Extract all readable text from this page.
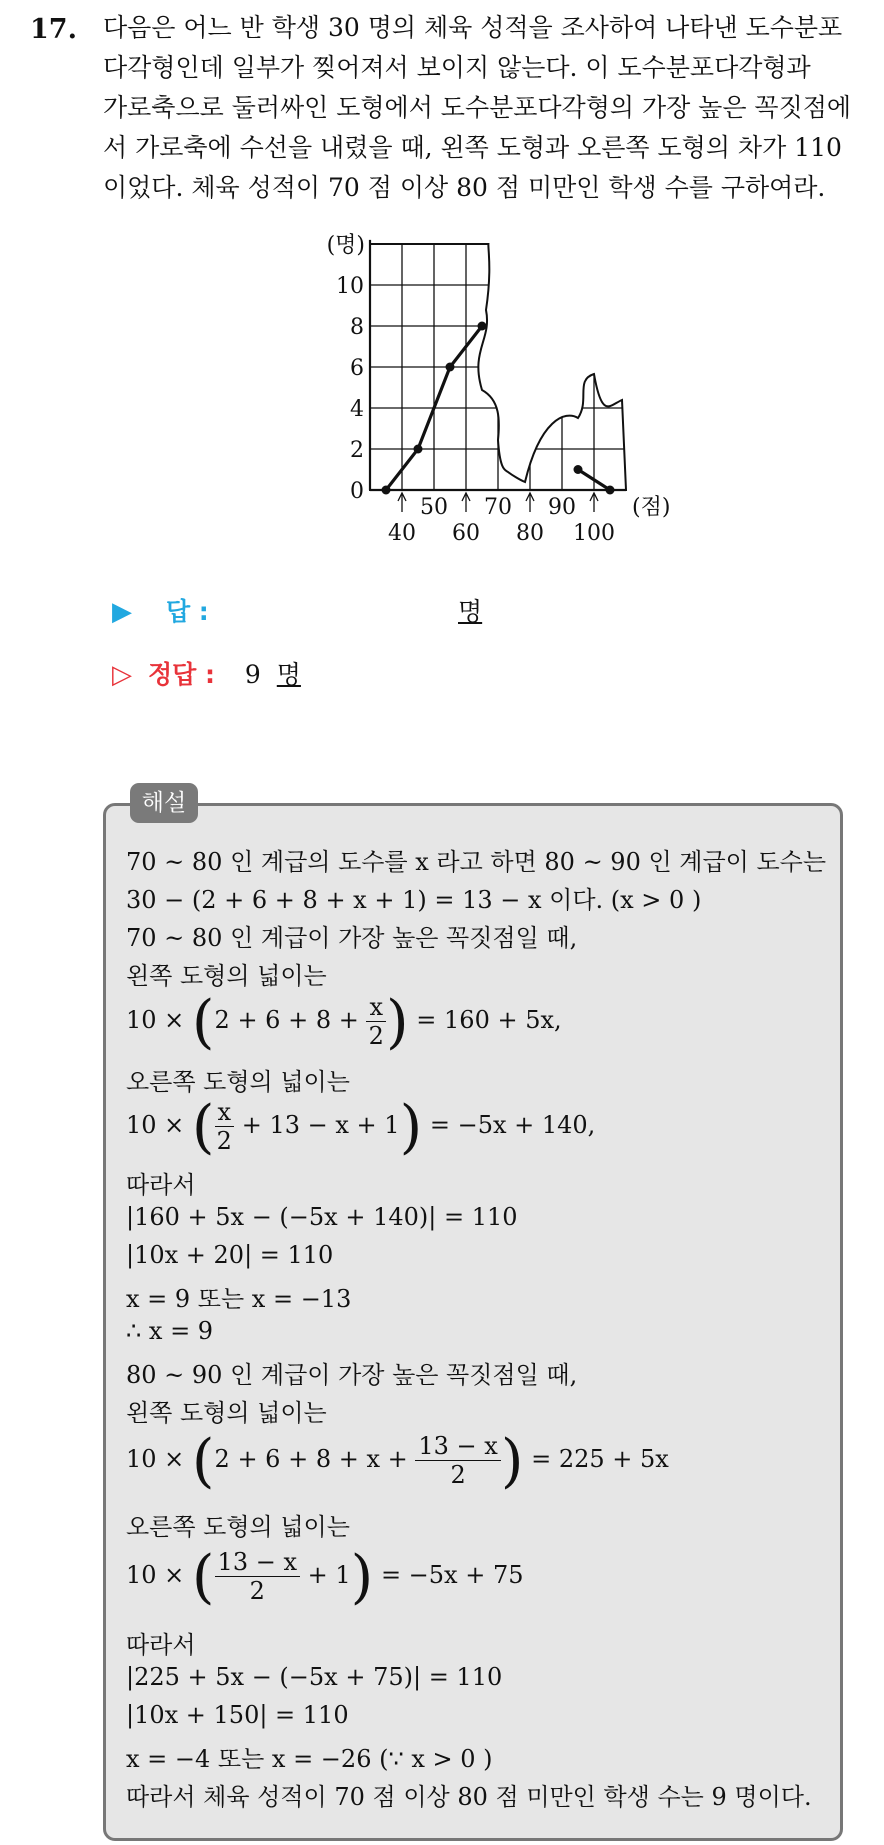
17. 다음은 어느 반 학생 30 명의 체육 성적을 조사하여 나타낸 도수분포
다각형인데 일부가 찢어져서 보이지 않는다. 이 도수분포다각형과
가로축으로 둘러싸인 도형에서 도수분포다각형의 가장 높은 꼭짓점에
서 가로축에 수선을 내렸을 때, 왼쪽 도형과 오른쪽 도형의 차가 110
이었다. 체육 성적이 70 점 이상 80 점 미만인 학생 수를 구하여라.
0
2
4
6
8
10
(명)
50 70 90
40 60 80 100
(점)
▶ 답 :	명
▷ 정답 : 9 명
해설
70 ~ 80 인 계급의 도수를 x 라고 하면 80 ~ 90 인 계급이 도수는
30 − (2 + 6 + 8 + x + 1) = 13 − x 이다. (x > 0 )
70 ~ 80 인 계급이 가장 높은 꼭짓점일 때,
왼쪽 도형의 넓이는
$10 \times (2 + 6 + 8 + \frac{x}{2}$ ) = 160 + 5x,
오른쪽 도형의 넓이는
10 × ( $\frac{x}{2} + 13 - x + 1) = -5x + 140$,
따라서
|160 + 5x − (−5x + 140)| = 110
|10x + 20| = 110
x = 9 또는 x = −13
∴ x = 9
80 ~ 90 인 계급이 가장 높은 꼭짓점일 때,
왼쪽 도형의 넓이는
$10 \times (2 + 6 + 8 + x + \frac{13 - x}{2}$ ) = 225 + 5x
오른쪽 도형의 넓이는
10 × ( $\frac{13 - x}{2} + 1) = -5x + 75$
따라서
|225 + 5x − (−5x + 75)| = 110
|10x + 150| = 110
x = −4 또는 x = −26 (∵ x > 0 )
따라서 체육 성적이 70 점 이상 80 점 미만인 학생 수는 9 명이다.
